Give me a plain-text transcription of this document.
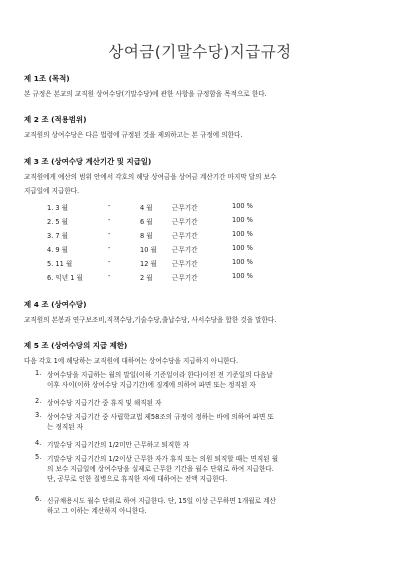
상여금(기말수당)지급규정
제 1조 (목적)
본 규정은 본교의 교직원 상여수당(기말수당)에 관한 사항을 규정함을 목적으로 한다.
제 2 조 (적용범위)
교직원의 상여수당은 다른 법령에 규정된 것을 제외하고는 본 규정에 의한다.
제 3 조 (상여수당 계산기간 및 지급일)
교직원에게 예산의 범위 안에서 각호의 해당 상여금을 상여금 계산기간 마지막 달의 보수
지급일에 지급한다.
1. 3 월	-	4 월	근무기간	100 %
2. 5 월	-	6 월	근무기간	100 %
3. 7 월	-	8 월	근무기간	100 %
4. 9 월	-	10 월 근무기간	100 %
5. 11 월	-	12 월 근무기간	100 %
6. 익년 1 월	-	2 월	근무기간	100 %
제 4 조 (상여수당)
교직원의 본봉과 연구보조비,직책수당,기술수당,출납수당, 사서수당을 합한 것을 말한다.
제 5 조 (상여수당의 지급 제한)
다음 각호 1에 해당하는 교직원에 대하여는 상여수당을 지급하지 아니한다.
1. 상여수당을 지급하는 월의 말일(이하 기준일이라 한다)이전 전 기준일의 다음날
이후 사이(이하 상여수당 지급기간)에 징계에 의하여 파면 또는 정직된 자
2. 상여수당 지급기간 중 휴직 및 해직된 자
3. 상여수당 지급기간 중 사립학교법 제58조의 규정이 정하는 바에 의하여 파면 또
는 정직된 자
4. 기말수당 지급기간의 1/2미만 근무하고 퇴직한 자
5. 기말수당 지급기간의 1/2이상 근무한 자가 휴직 또는 의원 퇴직할 때는 면직된 월
의 보수 지급일에 상여수당을 실제로 근무한 기간을 월수 단위로 하여 지급한다.
단, 공무로 인한 질병으로 휴직한 자에 대하여는 전액 지급한다.
6. 신규채용시도 월수 단위로 하여 지급한다. 단, 15일 이상 근무하면 1개월로 계산
하고 그 이하는 계산하지 아니한다.
